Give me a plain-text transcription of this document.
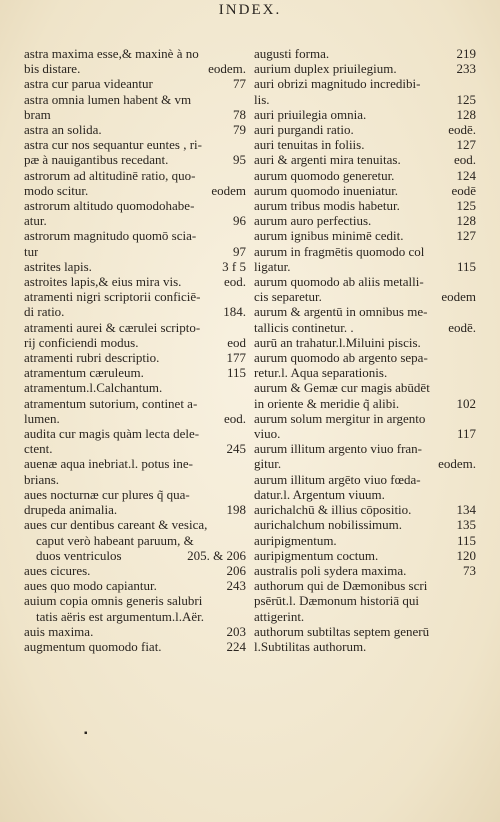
INDEX.
astra maxima esse,& maxinè à no
bis distare.	eodem.
astra cur parua videantur	77
astra omnia lumen habent & vm
bram	78
astra an solida.	79
astra cur nos sequantur euntes , ri-
pæ à nauigantibus recedant.	95
astrorum ad altitudinē ratio, quo-
modo scitur.	eodem
astrorum altitudo quomodohabe-
atur.	96
astrorum magnitudo quomō scia-
tur	97
astrites lapis.	3 f 5
astroites lapis,& eius mira vis.	eod.
atramenti nigri scriptorii conficiē-
di ratio.	184.
atramenti aurei & cærulei scripto-
rij conficiendi modus.	eod
atramenti rubri descriptio.	177
atramentum cæruleum.	115
atramentum.l.Calchantum.
atramentum sutorium, continet a-
lumen.	eod.
audita cur magis quàm lecta dele-
ctent.	245
auenæ aqua inebriat.l. potus ine-
brians.
aues nocturnæ cur plures q̃ qua-
drupeda animalia.	198
aues cur dentibus careant & vesica,
caput verò habeant paruum, &
duos ventriculos	205. & 206
aues cicures.	206
aues quo modo capiantur.	243
auium copia omnis generis salubri
tatis aëris est argumentum.l.Aër.
auis maxima.	203
augmentum quomodo fiat.	224
augusti forma.	219
aurium duplex priuilegium.	233
auri obrizi magnitudo incredibi-
lis.	125
auri priuilegia omnia.	128
auri purgandi ratio.	eodē.
auri tenuitas in foliis.	127
auri & argenti mira tenuitas.	eod.
aurum quomodo generetur.	124
aurum quomodo inueniatur.	eodē
aurum tribus modis habetur.	125
aurum auro perfectius.	128
aurum ignibus minimē cedit.	127
aurum in fragmētis quomodo col
ligatur.	115
aurum quomodo ab aliis metalli-
cis separetur.	eodem
aurum & argentū in omnibus me-
tallicis continetur. .	eodē.
aurū an trahatur.l.Miluini piscis.
aurum quomodo ab argento sepa-
retur.l. Aqua separationis.
aurum & Gemæ cur magis abūdēt
in oriente & meridie q̃ alibi.	102
aurum solum mergitur in argento
viuo.	117
aurum illitum argento viuo fran-
gitur.	eodem.
aurum illitum argēto viuo fœda-
datur.l. Argentum viuum.
aurichalchū & illius cōpositio.	134
aurichalchum nobilissimum.	135
auripigmentum.	115
auripigmentum coctum.	120
australis poli sydera maxima.	73
authorum qui de Dæmonibus scri
psērūt.l. Dæmonum historiā qui
attigerint.
authorum subtiltas septem generū
l.Subtilitas authorum.
▪
